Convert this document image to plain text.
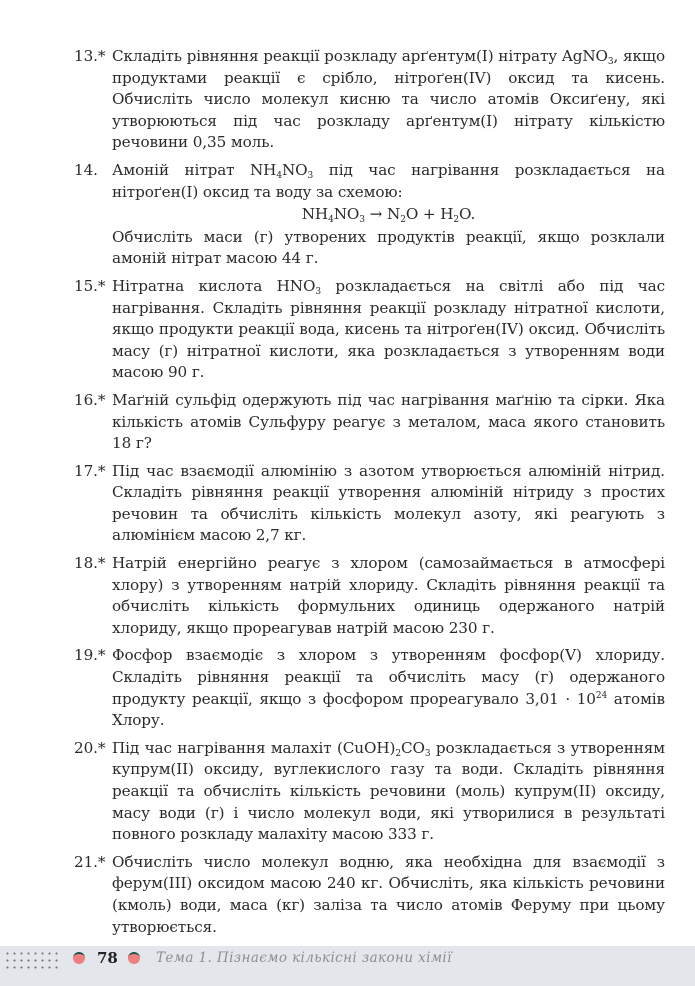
13.* Складіть рівняння реакції розкладу арґентум(I) нітрату AgNO$_3$, якщо продуктами реакції є срібло, нітроґен(IV) оксид та кисень. Обчисліть число молекул кисню та число атомів Оксиґену, які утворюються під час розкладу арґентум(I) нітрату кількістю речовини 0,35 моль.
14. Амоній нітрат $NH_4NO_3$ під час нагрівання розкладається на нітроґен(I) оксид та воду за схемою:
$NH_4NO_3 \to N_2O + H_2O$.
Обчисліть маси (г) утворених продуктів реакції, якщо розклали амоній нітрат масою 44 г.
15.* Нітратна кислота $HNO_3$ розкладається на світлі або під час нагрівання. Складіть рівняння реакції розкладу нітратної кислоти, якщо продукти реакції вода, кисень та нітроґен(IV) оксид. Обчисліть масу (г) нітратної кислоти, яка розкладається з утворенням води масою 90 г.
16.* Маґній сульфід одержують під час нагрівання маґнію та сірки. Яка кількість атомів Сульфуру реагує з металом, маса якого становить 18 г?
17.* Під час взаємодії алюмінію з азотом утворюється алюміній нітрид. Складіть рівняння реакції утворення алюміній нітриду з простих речовин та обчисліть кількість молекул азоту, які реагують з алюмінієм масою 2,7 кг.
18.* Натрій енергійно реагує з хлором (самозаймається в атмосфері хлору) з утворенням натрій хлориду. Складіть рівняння реакції та обчисліть кількість формульних одиниць одержаного натрій хлориду, якщо прореагував натрій масою 230 г.
19.* Фосфор взаємодіє з хлором з утворенням фосфор(V) хлориду. Складіть рівняння реакції та обчисліть масу (г) одержаного продукту реакції, якщо з фосфором прореагувало $3,01 \cdot 10^{24}$ атомів Хлору.
20.* Під час нагрівання малахіт $(CuOH)_2CO_3$ розкладається з утворенням купрум(II) оксиду, вуглекислого газу та води. Складіть рівняння реакції та обчисліть кількість речовини (моль) купрум(II) оксиду, масу води (г) і число молекул води, які утворилися в результаті повного розкладу малахіту масою 333 г.
21.* Обчисліть число молекул водню, яка необхідна для взаємодії з ферум(III) оксидом масою 240 кг. Обчисліть, яка кількість речовини (кмоль) води, маса (кг) заліза та число атомів Феруму при цьому утворюється.
78	Тема 1. Пізнаємо кількісні закони хімії
